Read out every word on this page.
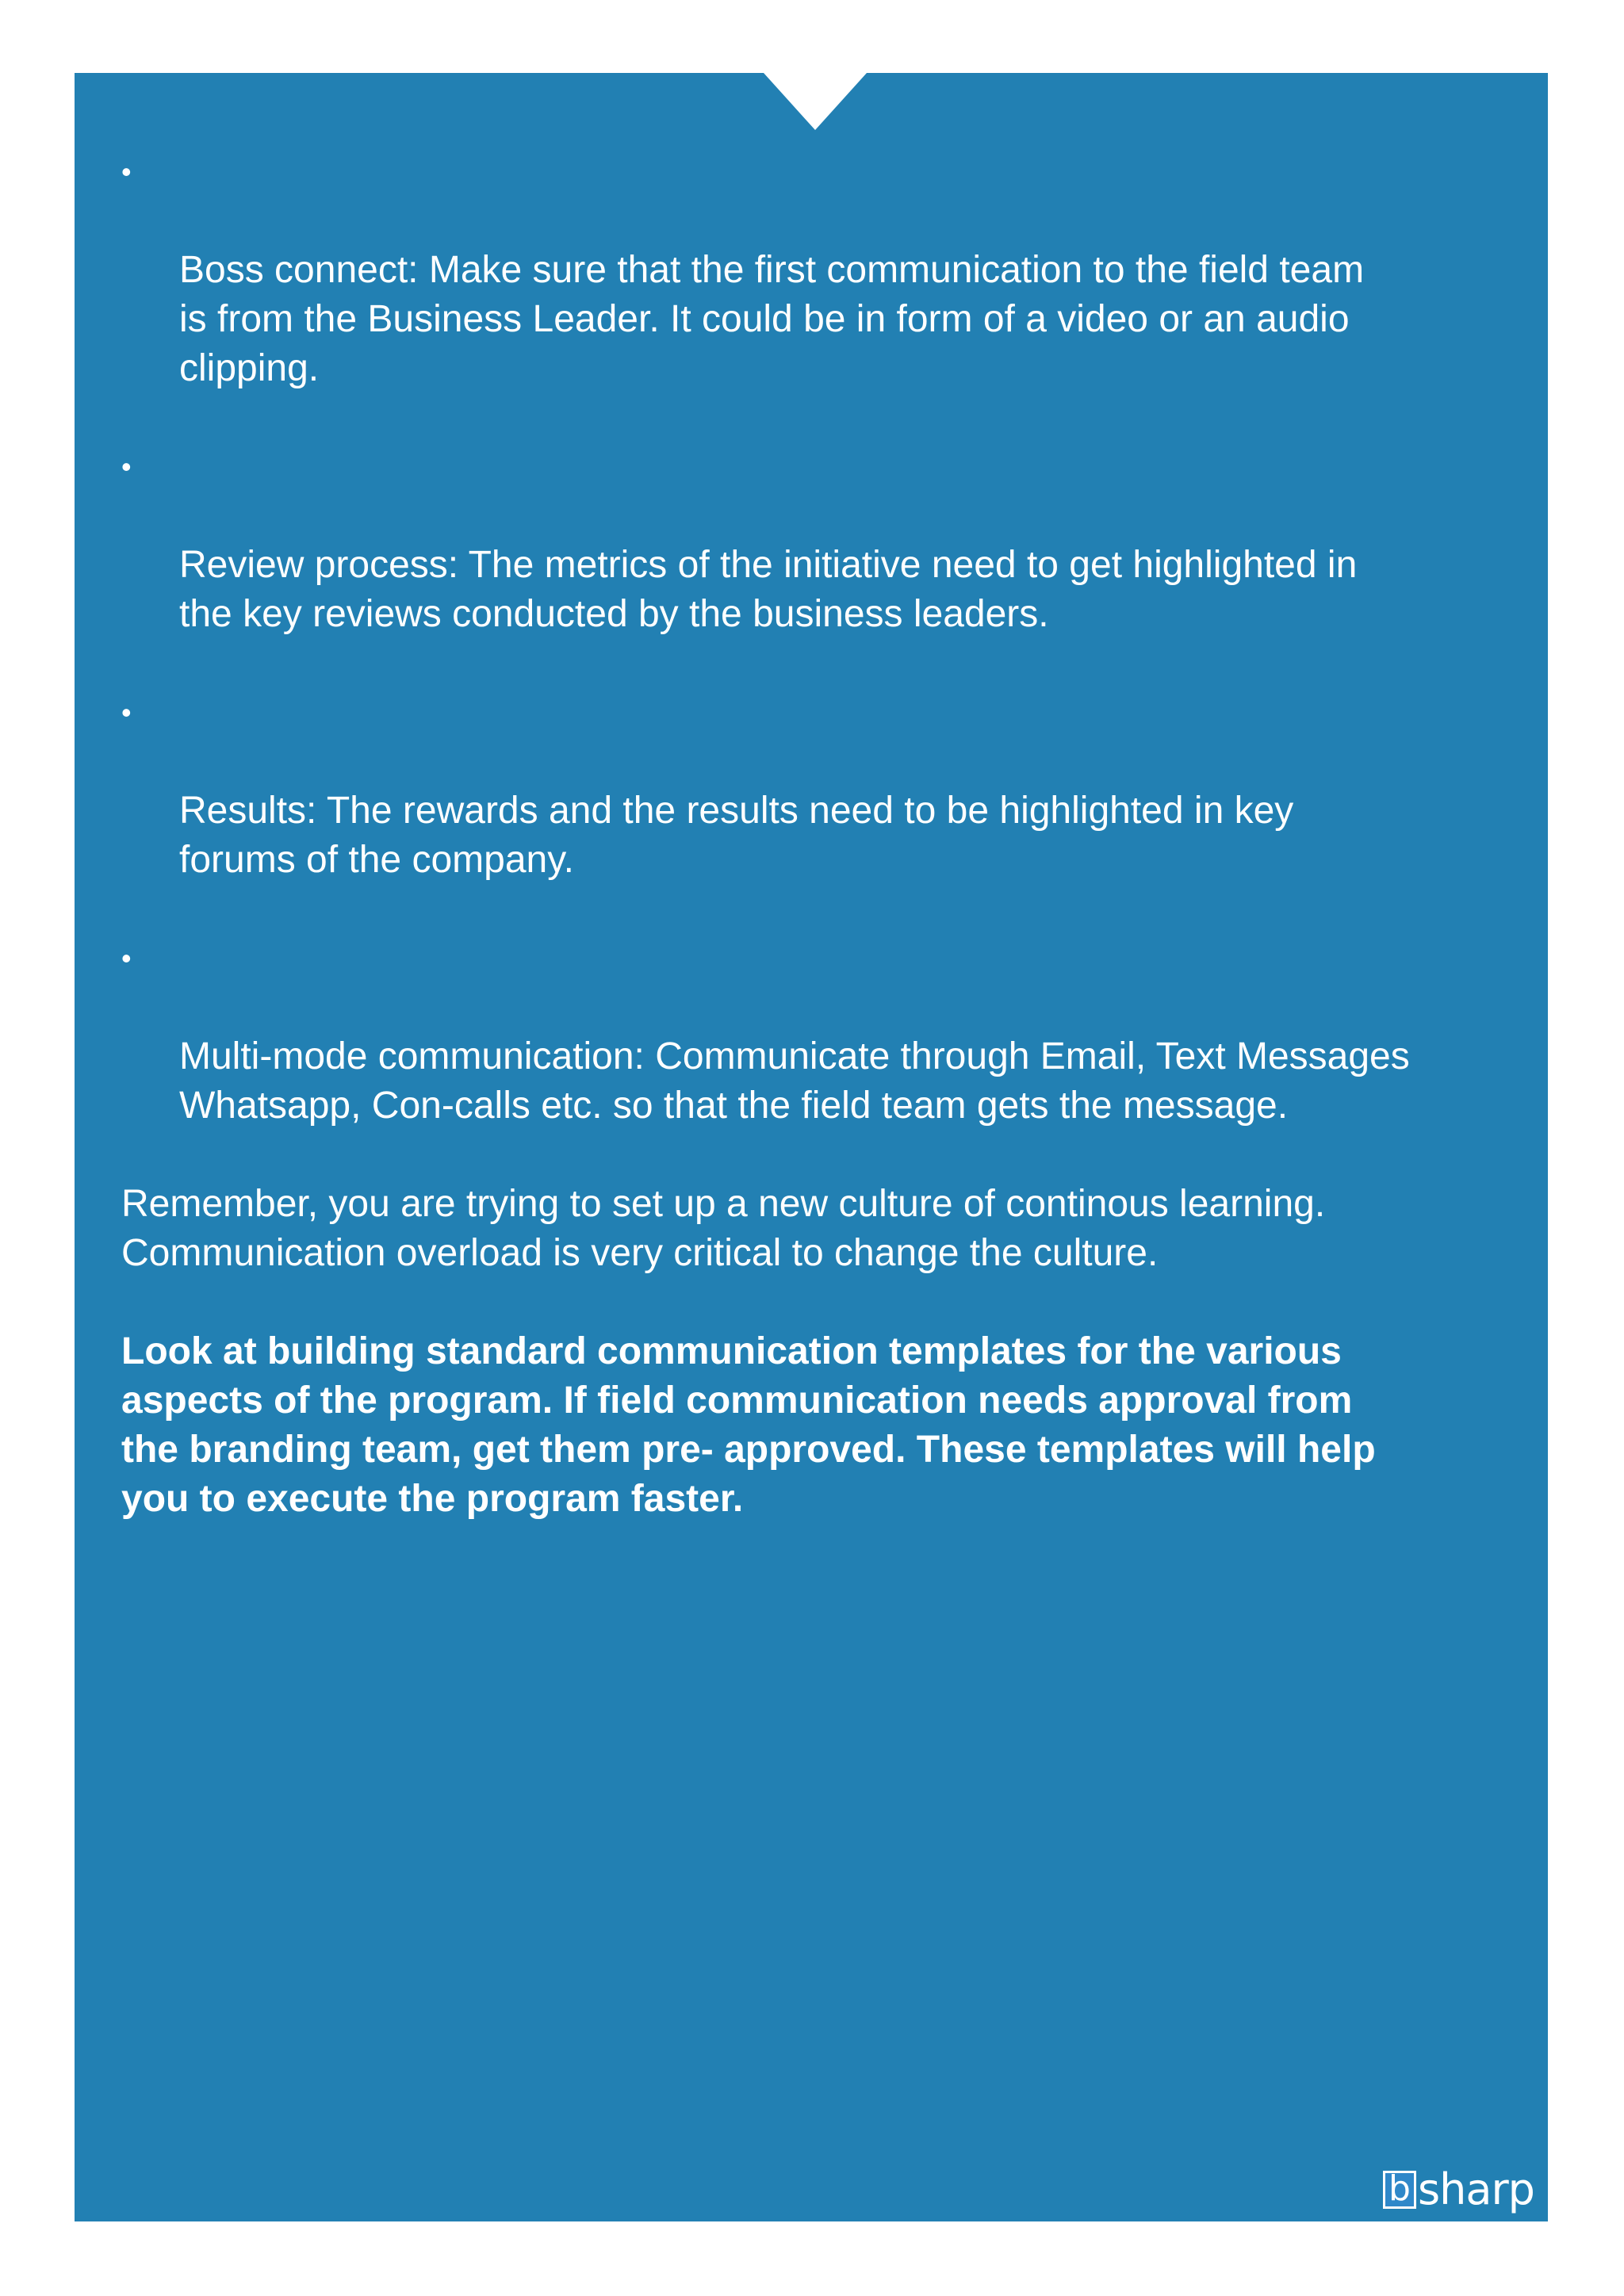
•

Boss connect: Make sure that the first communication to the field team
is from the Business Leader. It could be in form of a video or an audio
clipping.

•

Review process: The metrics of the initiative need to get highlighted in
the key reviews conducted by the business leaders.

•

Results: The rewards and the results need to be highlighted in key
forums of the company.

•

Multi-mode communication: Communicate through Email, Text Messages
Whatsapp, Con-calls etc. so that the field team gets the message.

Remember, you are trying to set up a new culture of continous learning.
Communication overload is very critical to change the culture.

Look at building standard communication templates for the various
aspects of the program. If field communication needs approval from
the branding team, get them pre- approved. These templates will help
you to execute the program faster.

b sharp
